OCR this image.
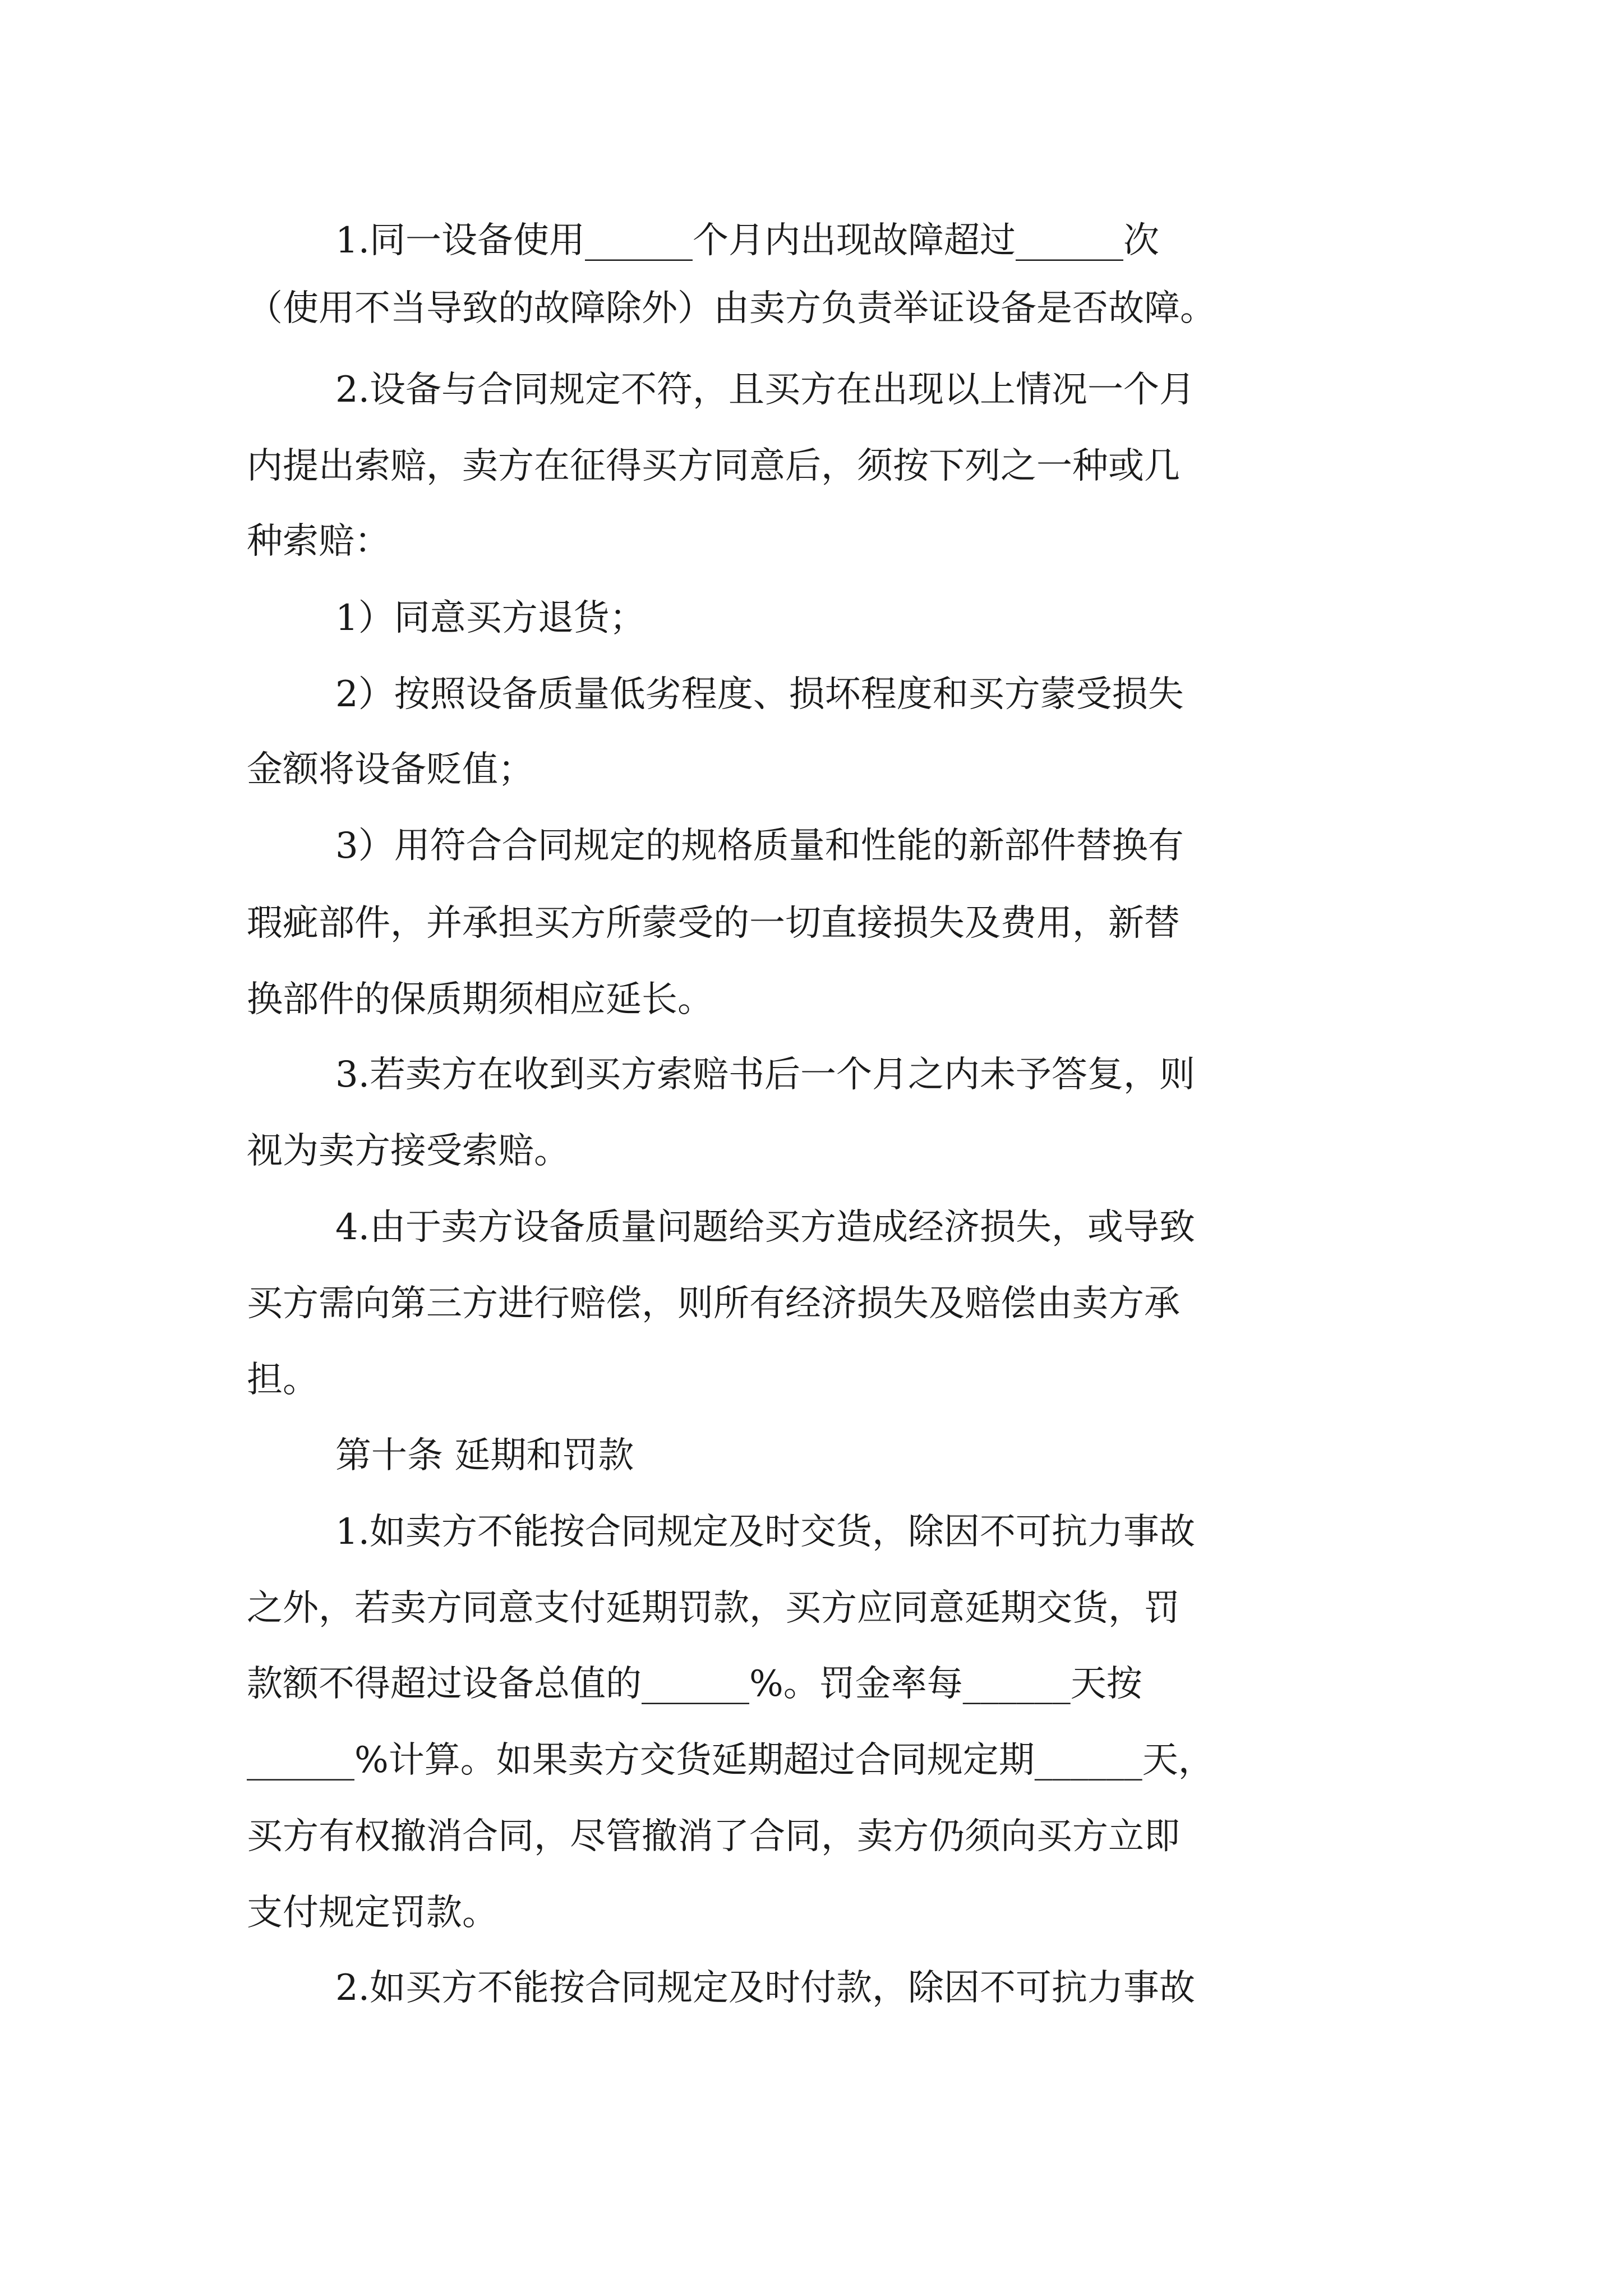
1.同一设备使用______个月内出现故障超过______次
（使用不当导致的故障除外）由卖方负责举证设备是否故障。
2.设备与合同规定不符，且买方在出现以上情况一个月
内提出索赔，卖方在征得买方同意后，须按下列之一种或几
种索赔：
1）同意买方退货；
2）按照设备质量低劣程度、损坏程度和买方蒙受损失
金额将设备贬值；
3）用符合合同规定的规格质量和性能的新部件替换有
瑕疵部件，并承担买方所蒙受的一切直接损失及费用，新替
换部件的保质期须相应延长。
3.若卖方在收到买方索赔书后一个月之内未予答复，则
视为卖方接受索赔。
4.由于卖方设备质量问题给买方造成经济损失，或导致
买方需向第三方进行赔偿，则所有经济损失及赔偿由卖方承
担。
第十条 延期和罚款
1.如卖方不能按合同规定及时交货，除因不可抗力事故
之外，若卖方同意支付延期罚款，买方应同意延期交货，罚
款额不得超过设备总值的______%。罚金率每______天按
______%计算。如果卖方交货延期超过合同规定期______天，
买方有权撤消合同，尽管撤消了合同，卖方仍须向买方立即
支付规定罚款。
2.如买方不能按合同规定及时付款，除因不可抗力事故
